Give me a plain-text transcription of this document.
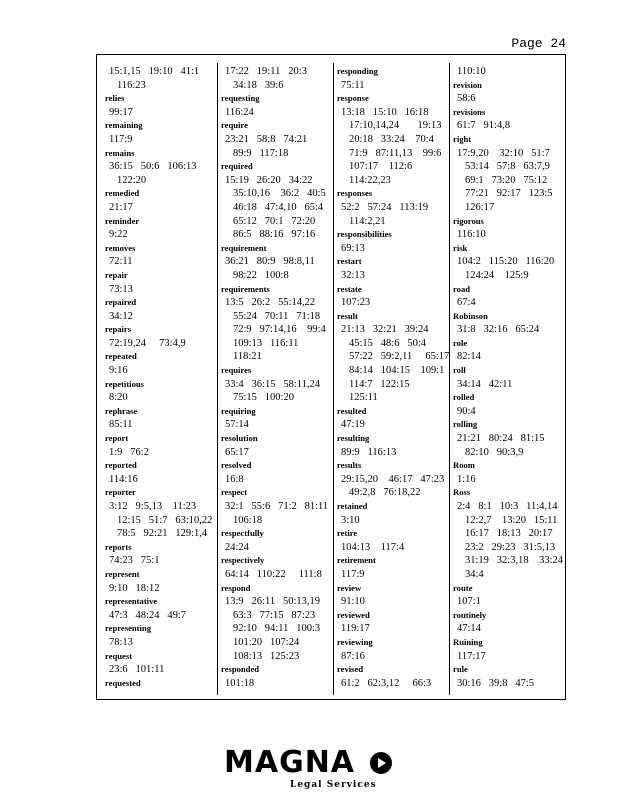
Page 24
15:1,15   19:10   41:1
116:23
relies
99:17
remaining
117:9
remains
36:15   50:6   106:13
122:20
remedied
21:17
reminder
9:22
removes
72:11
repair
73:13
repaired
34:12
repairs
72:19,24     73:4,9
repeated
9:16
repetitious
8:20
rephrase
85:11
report
1:9   76:2
reported
114:16
reporter
3:12   9:5,13    11:23
12:15   51:7   63:10,22
78:5   92:21   129:1,4
reports
74:23   75:1
represent
9:10   18:12
representative
47:3   48:24   49:7
representing
78:13
request
23:6   101:11
requested
17:22   19:11   20:3
34:18   39:6
requesting
116:24
require
23:21   58:8   74:21
89:9   117:18
required
15:19   26:20   34:22
35:10,16    36:2   40:5
46:18   47:4,10   65:4
65:12   70:1   72:20
86:5   88:16   97:16
requirement
36:21   80:9   98:8,11
98:22   100:8
requirements
13:5   26:2   55:14,22
55:24   70:11   71:18
72:9   97:14,16    99:4
109:13   116:11
118:21
requires
33:4   36:15   58:11,24
75:15   100:20
requiring
57:14
resolution
65:17
resolved
16:8
respect
32:1   55:6   71:2   81:11
106:18
respectfully
24:24
respectively
64:14   110:22     111:8
respond
13:9   26:11   50:13,19
63:3   77:15   87:23
92:10   94:11   100:3
101:20   107:24
108:13   125:23
responded
101:18
responding
75:11
response
13:18   15:10   16:18
17:10,14,24       19:13
20:18   33:24    70:4
71:9   87:11,13    99:6
107:17    112:6
114:22,23
responses
52:2   57:24   113:19
114:2,21
responsibilities
69:13
restart
32:13
restate
107:23
result
21:13   32:21   39:24
45:15   48:6   50:4
57:22   59:2,11     65:17
84:14   104:15    109:1
114:7   122:15
125:11
resulted
47:19
resulting
89:9   116:13
results
29:15,20    46:17   47:23
49:2,8   76:18,22
retained
3:10
retire
104:13    117:4
retirement
117:9
review
91:10
reviewed
119:17
reviewing
87:16
revised
61:2   62:3,12     66:3
110:10
revision
58:6
revisions
61:7   91:4,8
right
17:9,20    32:10   51:7
53:14   57:8   63:7,9
69:1   73:20   75:12
77:21   92:17   123:5
126:17
rigorous
116:10
risk
104:2   115:20   116:20
124:24    125:9
road
67:4
Robinson
31:8   32:16   65:24
role
82:14
roll
34:14   42:11
rolled
90:4
rolling
21:21   80:24   81:15
82:10   90:3,9
Room
1:16
Ross
2:4   8:1   10:3   11:4,14
12:2,7    13:20   15:11
16:17   18:13   20:17
23:2   29:23   31:5,13
31:19   32:3,18    33:24
34:4
route
107:1
routinely
47:14
Ruining
117:17
rule
30:16   39:8   47:5
MAGNA
Legal Services
